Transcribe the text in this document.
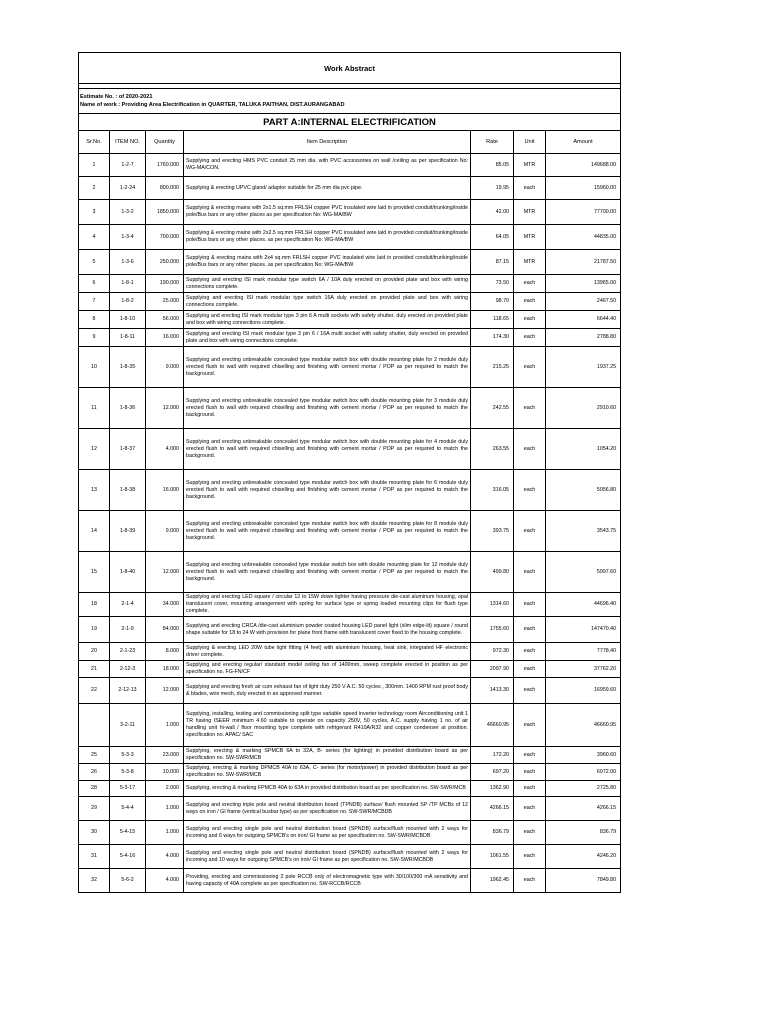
Work Abstract						

Estimate No. : of 2020-2021
Name of work : Providing Area Electrification in QUARTER, TALUKA PAITHAN, DIST.AURANGABAD						

PART A:INTERNAL ELECTRIFICATION						
Sr.No.	ITEM NO.	Quantity	Item Description	Rate	Unit	Amount
1	1-2-7	1760.000	Supplying and erecting HMS PVC conduit 25 mm dia. with PVC accessories on wall /ceiling as per specification No: WG-MA/CON.	85.05	MTR	149688.00
2	1-2-24	800.000	Supplying & erecting UPVC gland/ adaptor suitable for 25 mm dia pvc pipe.	19.95	each	15960.00
3	1-3-2	1850.000	Supplying & erecting mains with 2x1.5 sq.mm FRLSH copper PVC insulated wire laid in provided conduit/trunking/inside pole/Bus bars or any other places as per specification No: WG-MA/BW	42.00	MTR	77700.00
4	1-3-4	700.000	Supplying & erecting mains with 2x2.5 sq.mm FRLSH copper PVC insulated wire laid in provided conduit/trunking/inside pole/Bus bars or any other places. as per specification No: WG-MA/BW	64.05	MTR	44835.00
5	1-3-6	250.000	Supplying & erecting mains with 2x4 sq.mm FRLSH copper PVC insulated wire laid in provided conduit/trunking/inside pole/Bus bars or any other places. as per specification No: WG-MA/BW	87.15	MTR	21787.50
6	1-8-1	190.000	Supplying and erecting ISI mark modular type switch 6A / 10A duly erected on provided plate and box with wiring connections complete.	73.50	each	13965.00
7	1-8-2	25.000	Supplying and erecting ISI mark modular type switch 16A duly erected on provided plate and box with wiring connections complete.	98.70	each	2467.50
8	1-8-10	56.000	Supplying and erecting ISI mark modular type 3 pin 6 A multi sockets with safety shutter, duly erected on provided plate and box with wiring connections complete.	118.65	each	6644.40
9	1-8-11	16.000	Supplying and erecting ISI mark modular type 3 pin 6 / 16A multi socket with safety shutter, duly erected on provided plate and box with wiring connections complete.	174.30	each	2788.80
10	1-8-35	9.000	Supplying and erecting unbreakable concealed type modular switch box with double mounting plate for 2 module duly erected flush to wall with required chiselling and finishing with cement mortar / POP as per required to match the background.	215.25	each	1937.25
11	1-8-36	12.000	Supplying and erecting unbreakable concealed type modular switch box with double mounting plate for 3 module duly erected flush to wall with required chiselling and finishing with cement mortar / POP as per required to match the background.	242.55	each	2910.60
12	1-8-37	4.000	Supplying and erecting unbreakable concealed type modular switch box with double mounting plate for 4 module duly erected flush to wall with required chiselling and finishing with cement mortar / POP as per required to match the background.	263.55	each	1054.20
13	1-8-38	16.000	Supplying and erecting unbreakable concealed type modular switch box with double mounting plate for 6 module duly erected flush to wall with required chiselling and finishing with cement mortar / POP as per required to match the background.	316.05	each	5056.80
14	1-8-39	9.000	Supplying and erecting unbreakable concealed type modular switch box with double mounting plate for 8 module duly erected flush to wall with required chiselling and finishing with cement mortar / POP as per required to match the background.	393.75	each	3543.75
15	1-8-40	12.000	Supplying and erecting unbreakable concealed type modular switch box with double mounting plate for 12 module duly erected flush to wall with required chiselling and finishing with cement mortar / POP as per required to match the background.	499.80	each	5997.60
18	2-1-4	34.000	Supplying and erecting LED square / circular 12 to 15W down lighter having pressure die-cast aluminum housing, opal translucent cover, mounting arrangement with spring for surface type or spring loaded mounting clips for flush type complete.	1314.60	each	44696.40
19	2-1-9	84.000	Supplying and erecting CRCA /die-cast aluminium powder coated housing LED panel light (slim edge-lit) square / round shape suitable for 18 to 24 W with provision for plane front frame with translucent cover fixed to the housing complete.	1755.60	each	147470.40
20	2-1-23	8.000	Supplying & erecting LED 20W tube light fitting (4 feet) with aluminium housing, heat sink, integrated HF electronic driver complete.	972.30	each	7778.40
21	2-12-3	18.000	Supplying and erecting regular/ standard model ceiling fan of 1400mm, sweep complete erected in position as per specification no. FG-FN/CF	2097.90	each	37762.20
22	2-12-13	12.000	Supplying and erecting fresh air cum exhaust fan of light duty 250 V A.C. 50 cycles , 300mm. 1400 RPM rust proof body & blades, wire mesh, duly erected in an approved manner.	1413.30	each	16959.60
	3-2-11	1.000	Supplying, installing, testing and commissioning split type variable speed inverter technology room Airconditioning unit 1 TR having ISEER minimum 4.60 suitable to operate on capacity 250V, 50 cycles, A.C. supply having 1 no. of air handling unit hi-wall / floor mounting type complete with refrigerant R410A/R32 and copper condenser at position. specification no. APAC/ SAC	46660.95	each	46660.95
25	5-3-3	23.000	Supplying, erecting & marking SPMCB 6A to 32A, B- series (for lighting) in provided distribution board as per specification no. SW-SWR/MCB	172.20	each	3960.60
26	5-3-8	10.000	Supplying, erecting & marking DPMCB 40A to 63A, C- series (for motor/power) in provided distribution board as per specification no. SW-SWR/MCB	697.20	each	6972.00
28	5-3-17	2.000	Supplying, erecting & marking FPMCB 40A to 63A in provided distribution board as per specification no. SW-SWR/MCB	1362.90	each	2725.80
29	5-4-4	1.000	Supplying and erecting triple pole and neutral distribution board (TPNDB) surface/ flush mounted SP /TP MCBs of 12 ways on iron / GI frame (vertical busbar type) as per specification no. SW-SWR/MCBDB	4266.15	each	4266.15
30	5-4-15	1.000	Supplying and erecting single pole and neutral distribution board (SPNDB) surface/flush mounted with 2 ways for incoming and 6 ways for outgoing SPMCB's on iron/ GI frame as per specification no. SW-SWR/MCBDB	836.79	each	836.79
31	5-4-16	4.000	Supplying and erecting single pole and neutral distribution board (SPNDB) surface/flush mounted with 2 ways for incoming and 10 ways for outgoing SPMCB's on iron/ GI frame as per specification no. SW-SWR/MCBDB	1061.55	each	4246.20
32	5-6-2	4.000	Providing, erecting and commissioning 2 pole RCCB only of electromagnetic type with 30/100/300 mA sensitivity and having capacity of 40A complete as per specification no. SW-RCCB/RCCB	1962.45	each	7849.80
